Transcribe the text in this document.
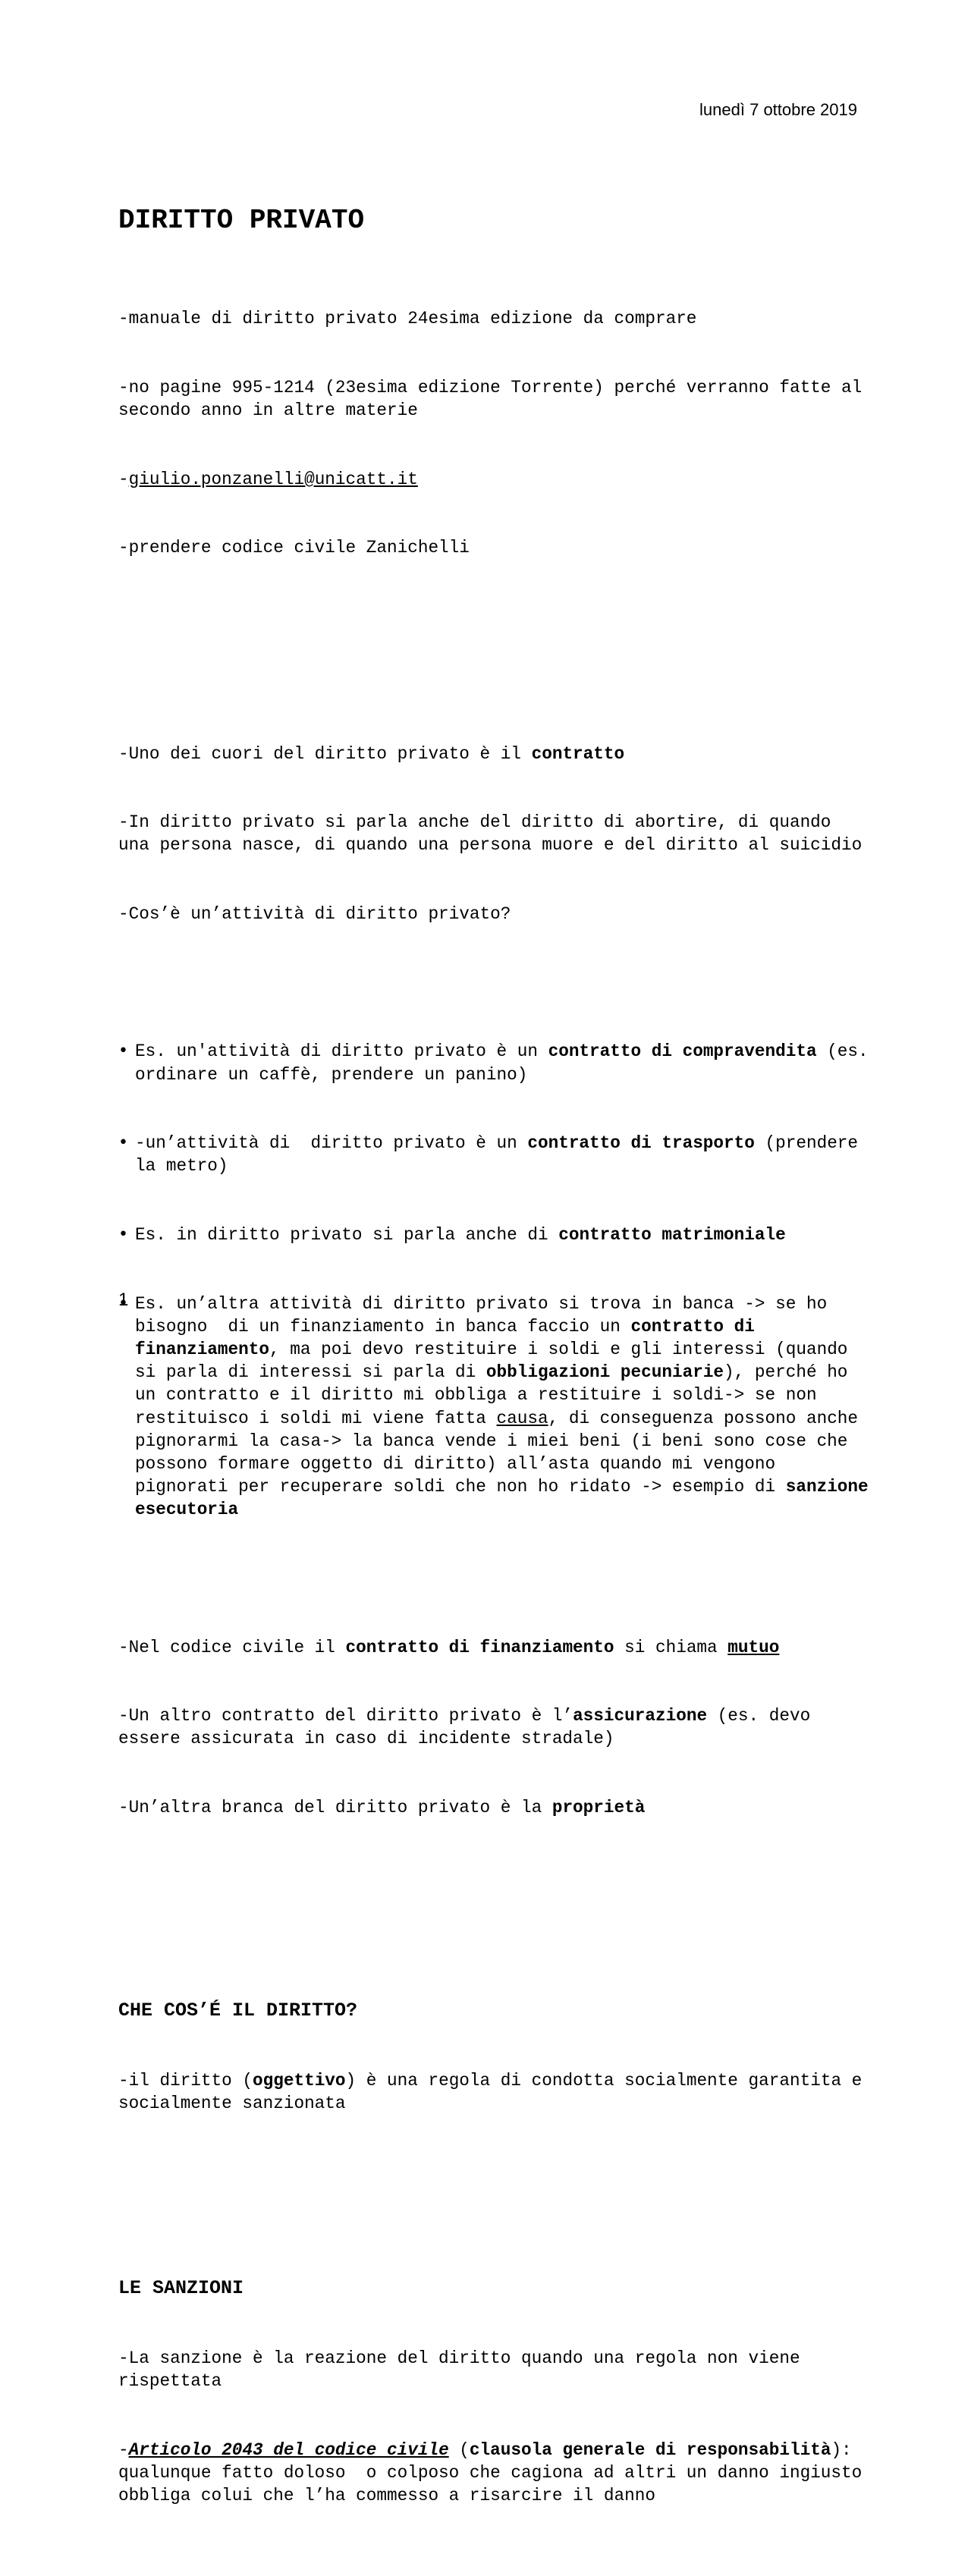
lunedì 7 ottobre 2019

DIRITTO PRIVATO

-manuale di diritto privato 24esima edizione da comprare

-no pagine 995-1214 (23esima edizione Torrente) perché verranno fatte al secondo anno in altre materie

-giulio.ponzanelli@unicatt.it

-prendere codice civile Zanichelli

-Uno dei cuori del diritto privato è il contratto

-In diritto privato si parla anche del diritto di abortire, di quando una persona nasce, di quando una persona muore e del diritto al suicidio

-Cos’è un’attività di diritto privato?

• Es. un'attività di diritto privato è un contratto di compravendita (es. ordinare un caffè, prendere un panino)

• -un’attività di  diritto privato è un contratto di trasporto (prendere la metro)

• Es. in diritto privato si parla anche di contratto matrimoniale

• Es. un’altra attività di diritto privato si trova in banca -> se ho bisogno  di un finanziamento in banca faccio un contratto di finanziamento, ma poi devo restituire i soldi e gli interessi (quando si parla di interessi si parla di obbligazioni pecuniarie), perché ho un contratto e il diritto mi obbliga a restituire i soldi-> se non restituisco i soldi mi viene fatta causa, di conseguenza possono anche pignorarmi la casa-> la banca vende i miei beni (i beni sono cose che possono formare oggetto di diritto) all’asta quando mi vengono pignorati per recuperare soldi che non ho ridato -> esempio di sanzione esecutoria

-Nel codice civile il contratto di finanziamento si chiama mutuo

-Un altro contratto del diritto privato è l’assicurazione (es. devo essere assicurata in caso di incidente stradale)

-Un’altra branca del diritto privato è la proprietà

CHE COS’É IL DIRITTO?

-il diritto (oggettivo) è una regola di condotta socialmente garantita e socialmente sanzionata

LE SANZIONI

-La sanzione è la reazione del diritto quando una regola non viene rispettata

-Articolo 2043 del codice civile (clausola generale di responsabilità): qualunque fatto doloso  o colposo che cagiona ad altri un danno ingiusto obbliga colui che l’ha commesso a risarcire il danno

1
